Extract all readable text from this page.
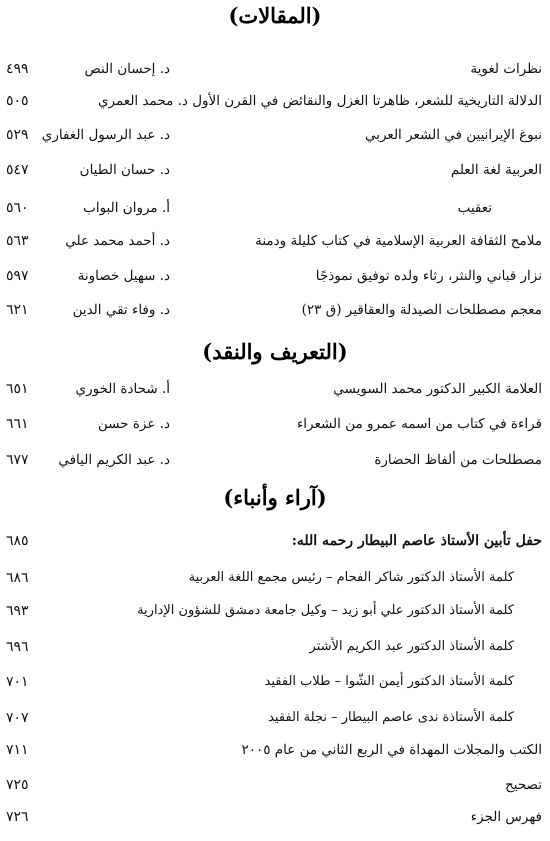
(المقالات)
نظرات لغوية
د. إحسان النص
٤٩٩
الدلالة التاريخية للشعر، ظاهرتا الغزل والنقائض في القرن الأول د. محمد العمري
٥٠٥
نبوغ الإيرانيين في الشعر العربي
د. عبد الرسول الغفاري
٥٢٩
العربية لغة العلم
د. حسان الطيان
٥٤٧
تعقيب
أ. مروان البواب
٥٦٠
ملامح الثقافة العربية الإسلامية في كتاب كليلة ودمنة
د. أحمد محمد علي
٥٦٣
نزار قباني والنثر، رثاء ولده توفيق نموذجًا
د. سهيل خصاونة
٥٩٧
معجم مصطلحات الصيدلة والعقاقير (ق ٢٣)
د. وفاء تقي الدين
٦٢١
(التعريف والنقد)
العلامة الكبير الدكتور محمد السويسي
أ. شحادة الخوري
٦٥١
قراءة في كتاب من اسمه عمرو من الشعراء
د. عزة حسن
٦٦١
مصطلحات من ألفاظ الحضارة
د. عبد الكريم اليافي
٦٧٧
(آراء وأنباء)
حفل تأبين الأستاذ عاصم البيطار رحمه الله:
٦٨٥
كلمة الأستاذ الدكتور شاكر الفحام – رئيس مجمع اللغة العربية
٦٨٦
كلمة الأستاذ الدكتور علي أبو زيد – وكيل جامعة دمشق للشؤون الإدارية
٦٩٣
كلمة الأستاذ الدكتور عبد الكريم الأشتر
٦٩٦
كلمة الأستاذ الدكتور أيمن الشّوا – طلاب الفقيد
٧٠١
كلمة الأستاذة ندى عاصم البيطار – نجلة الفقيد
٧٠٧
الكتب والمجلات المهداة في الربع الثاني من عام ٢٠٠٥
٧١١
تصحيح
٧٢٥
فهرس الجزء
٧٢٦
